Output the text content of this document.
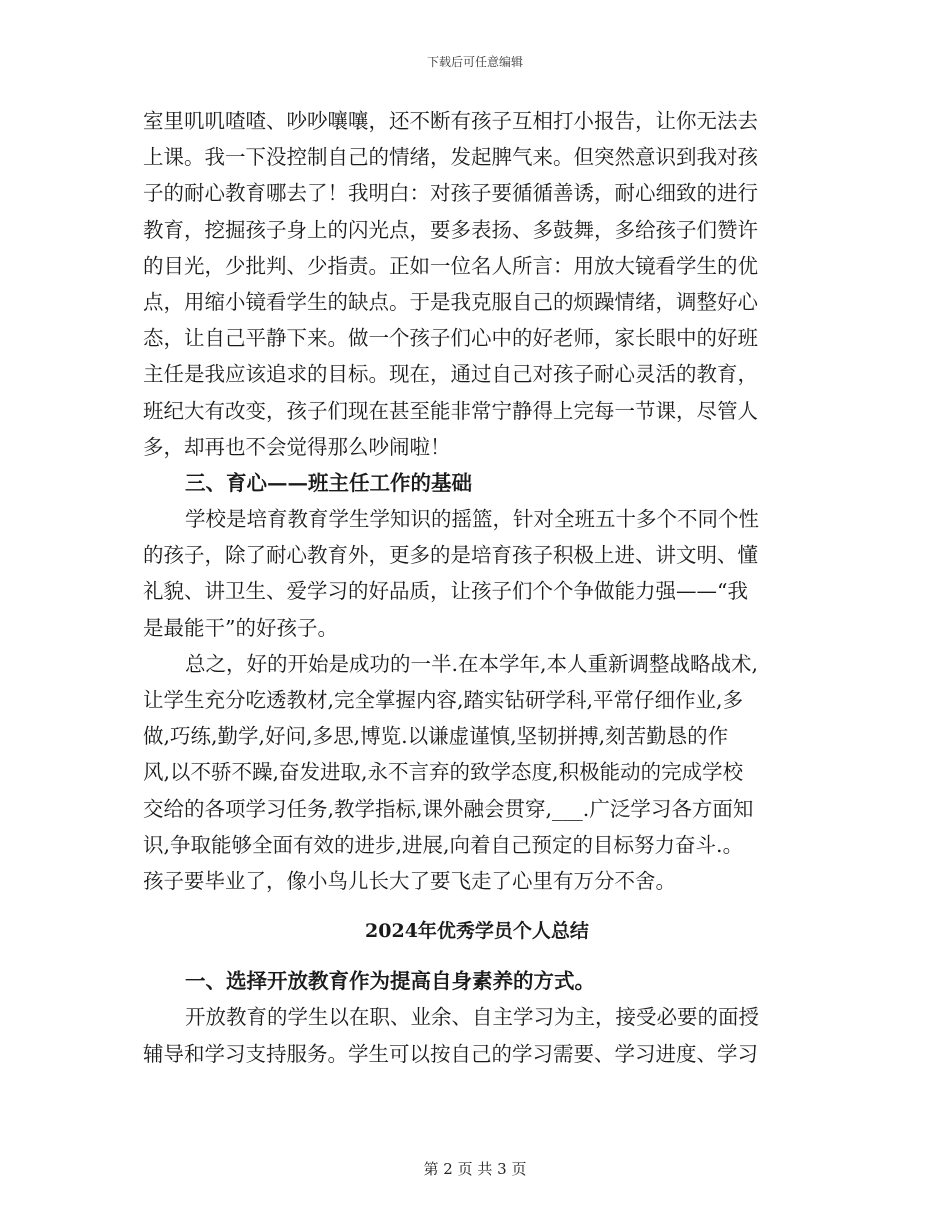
下载后可任意编辑
室里叽叽喳喳、吵吵嚷嚷，还不断有孩子互相打小报告，让你无法去
上课。我一下没控制自己的情绪，发起脾气来。但突然意识到我对孩
子的耐心教育哪去了！我明白：对孩子要循循善诱，耐心细致的进行
教育，挖掘孩子身上的闪光点，要多表扬、多鼓舞，多给孩子们赞许
的目光，少批判、少指责。正如一位名人所言：用放大镜看学生的优
点，用缩小镜看学生的缺点。于是我克服自己的烦躁情绪，调整好心
态，让自己平静下来。做一个孩子们心中的好老师，家长眼中的好班
主任是我应该追求的目标。现在，通过自己对孩子耐心灵活的教育，
班纪大有改变，孩子们现在甚至能非常宁静得上完每一节课，尽管人
多，却再也不会觉得那么吵闹啦！
三、育心——班主任工作的基础
学校是培育教育学生学知识的摇篮，针对全班五十多个不同个性
的孩子，除了耐心教育外，更多的是培育孩子积极上进、讲文明、懂
礼貌、讲卫生、爱学习的好品质，让孩子们个个争做能力强——“我
是最能干”的好孩子。
总之，好的开始是成功的一半.在本学年,本人重新调整战略战术,
让学生充分吃透教材,完全掌握内容,踏实钻研学科,平常仔细作业,多
做,巧练,勤学,好问,多思,博览.以谦虚谨慎,坚韧拼搏,刻苦勤恳的作
风,以不骄不躁,奋发进取,永不言弃的致学态度,积极能动的完成学校
交给的各项学习任务,教学指标,课外融会贯穿,___.广泛学习各方面知
识,争取能够全面有效的进步,进展,向着自己预定的目标努力奋斗.。
孩子要毕业了，像小鸟儿长大了要飞走了心里有万分不舍。
2024年优秀学员个人总结
一、选择开放教育作为提高自身素养的方式。
开放教育的学生以在职、业余、自主学习为主，接受必要的面授
辅导和学习支持服务。学生可以按自己的学习需要、学习进度、学习
第 2 页 共 3 页
